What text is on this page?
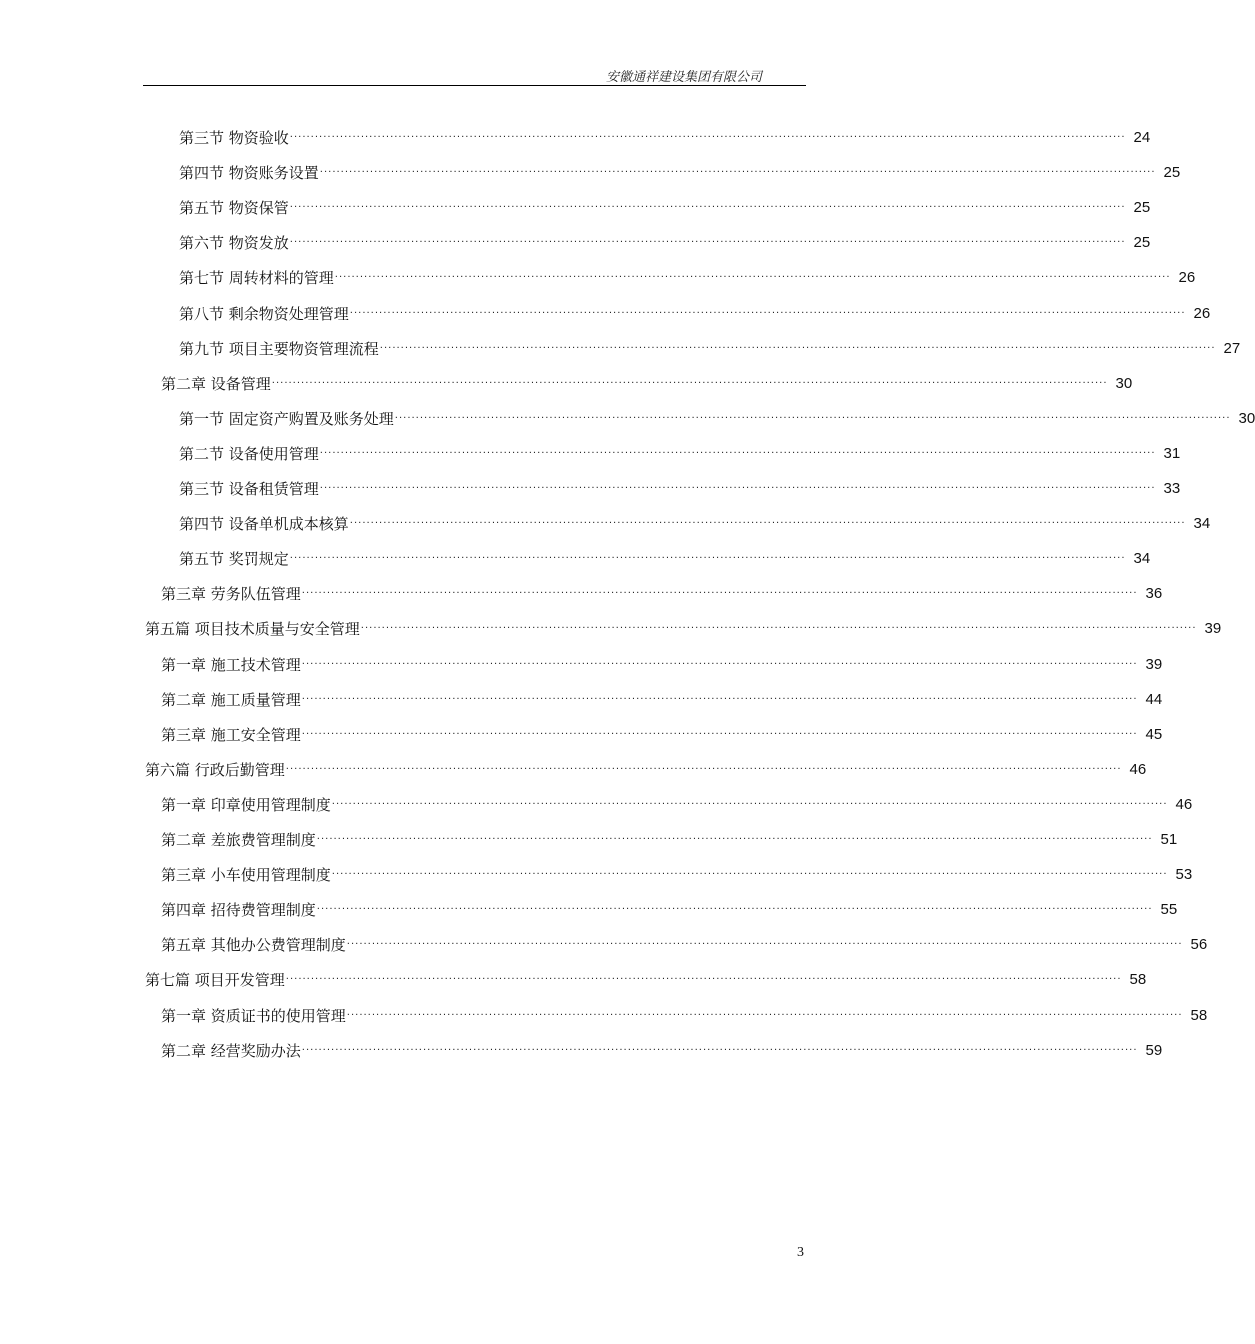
安徽通祥建设集团有限公司
第三节 物资验收 ········································································································································································································ 24
第四节 物资账务设置 ········································································································································································································ 25
第五节 物资保管 ········································································································································································································ 25
第六节 物资发放 ········································································································································································································ 25
第七节 周转材料的管理 ········································································································································································································ 26
第八节 剩余物资处理管理 ········································································································································································································ 26
第九节 项目主要物资管理流程 ········································································································································································································ 27
第二章 设备管理 ········································································································································································································ 30
第一节 固定资产购置及账务处理 ········································································································································································································ 30
第二节 设备使用管理 ········································································································································································································ 31
第三节 设备租赁管理 ········································································································································································································ 33
第四节 设备单机成本核算 ········································································································································································································ 34
第五节 奖罚规定 ········································································································································································································ 34
第三章 劳务队伍管理 ········································································································································································································ 36
第五篇 项目技术质量与安全管理 ········································································································································································································ 39
第一章 施工技术管理 ········································································································································································································ 39
第二章 施工质量管理 ········································································································································································································ 44
第三章 施工安全管理 ········································································································································································································ 45
第六篇 行政后勤管理 ········································································································································································································ 46
第一章 印章使用管理制度 ········································································································································································································ 46
第二章 差旅费管理制度 ········································································································································································································ 51
第三章 小车使用管理制度 ········································································································································································································ 53
第四章 招待费管理制度 ········································································································································································································ 55
第五章 其他办公费管理制度 ········································································································································································································ 56
第七篇 项目开发管理 ········································································································································································································ 58
第一章 资质证书的使用管理 ········································································································································································································ 58
第二章 经营奖励办法 ········································································································································································································ 59
3
